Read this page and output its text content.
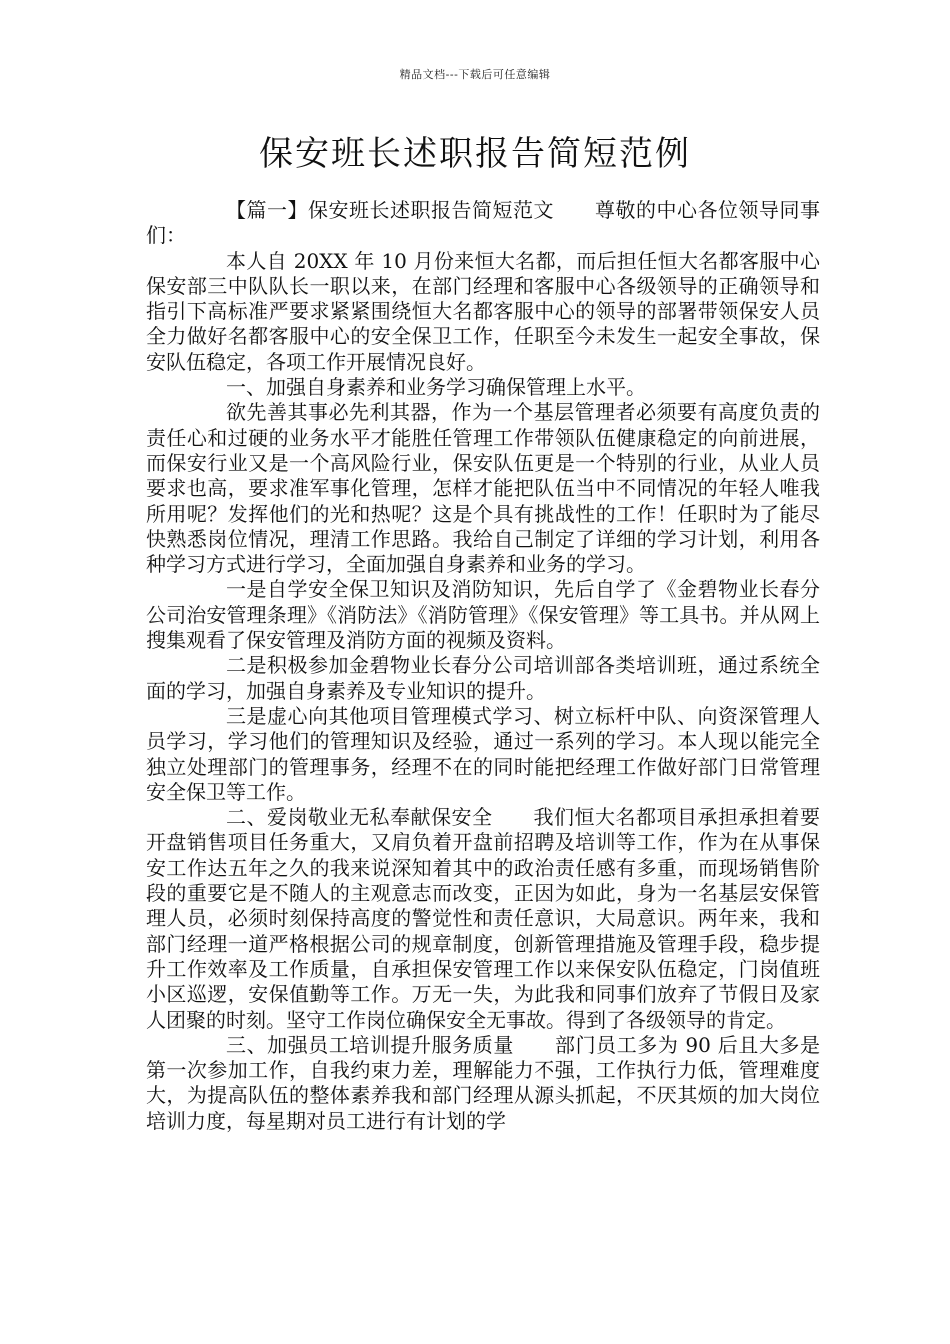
精品文档---下载后可任意编辑
保安班长述职报告简短范例

【篇一】保安班长述职报告简短范文　　尊敬的中心各位领导同事们：

本人自 20XX 年 10 月份来恒大名都，而后担任恒大名都客服中心保安部三中队队长一职以来，在部门经理和客服中心各级领导的正确领导和指引下高标准严要求紧紧围绕恒大名都客服中心的领导的部署带领保安人员全力做好名都客服中心的安全保卫工作，任职至今未发生一起安全事故，保安队伍稳定，各项工作开展情况良好。

一、加强自身素养和业务学习确保管理上水平。

欲先善其事必先利其器，作为一个基层管理者必须要有高度负责的责任心和过硬的业务水平才能胜任管理工作带领队伍健康稳定的向前进展，而保安行业又是一个高风险行业，保安队伍更是一个特别的行业，从业人员要求也高，要求准军事化管理，怎样才能把队伍当中不同情况的年轻人唯我所用呢？发挥他们的光和热呢？这是个具有挑战性的工作！任职时为了能尽快熟悉岗位情况，理清工作思路。我给自己制定了详细的学习计划，利用各种学习方式进行学习，全面加强自身素养和业务的学习。

一是自学安全保卫知识及消防知识，先后自学了《金碧物业长春分公司治安管理条理》《消防法》《消防管理》《保安管理》等工具书。并从网上搜集观看了保安管理及消防方面的视频及资料。

二是积极参加金碧物业长春分公司培训部各类培训班，通过系统全面的学习，加强自身素养及专业知识的提升。

三是虚心向其他项目管理模式学习、树立标杆中队、向资深管理人员学习，学习他们的管理知识及经验，通过一系列的学习。本人现以能完全独立处理部门的管理事务，经理不在的同时能把经理工作做好部门日常管理安全保卫等工作。

二、爱岗敬业无私奉献保安全　　我们恒大名都项目承担承担着要开盘销售项目任务重大，又肩负着开盘前招聘及培训等工作，作为在从事保安工作达五年之久的我来说深知着其中的政治责任感有多重，而现场销售阶段的重要它是不随人的主观意志而改变，正因为如此，身为一名基层安保管理人员，必须时刻保持高度的警觉性和责任意识，大局意识。两年来，我和部门经理一道严格根据公司的规章制度，创新管理措施及管理手段，稳步提升工作效率及工作质量，自承担保安管理工作以来保安队伍稳定，门岗值班小区巡逻，安保值勤等工作。万无一失，为此我和同事们放弃了节假日及家人团聚的时刻。坚守工作岗位确保安全无事故。得到了各级领导的肯定。

三、加强员工培训提升服务质量　　部门员工多为 90 后且大多是第一次参加工作，自我约束力差，理解能力不强，工作执行力低，管理难度大，为提高队伍的整体素养我和部门经理从源头抓起，不厌其烦的加大岗位培训力度，每星期对员工进行有计划的学
